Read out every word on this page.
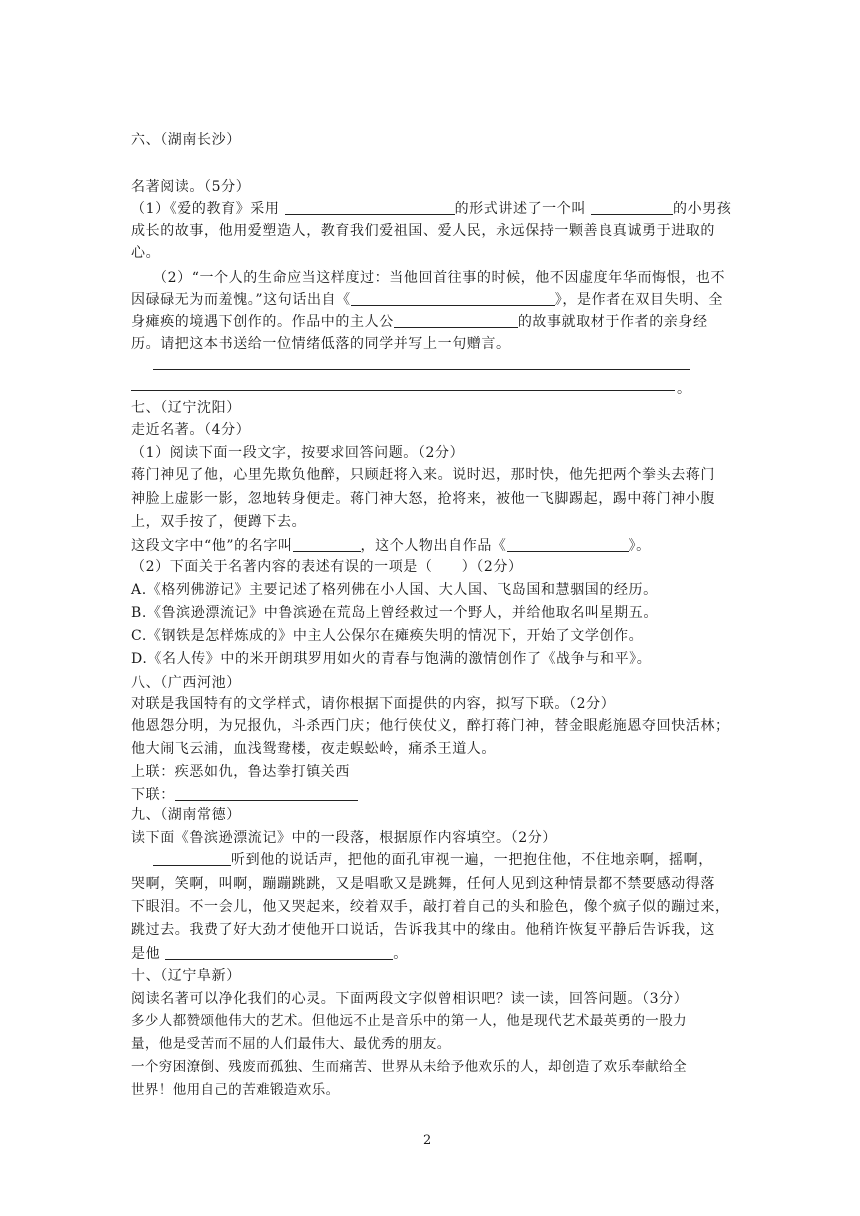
六、（湖南长沙）
名著阅读。（5分）
（1）《爱的教育》采用	的形式讲述了一个叫	的小男孩
成长的故事，他用爱塑造人，教育我们爱祖国、爱人民，永远保持一颗善良真诚勇于进取的
心。
（2）“一个人的生命应当这样度过：当他回首往事的时候，他不因虚度年华而悔恨，也不
因碌碌无为而羞愧。”这句话出自《	》，是作者在双目失明、全
身瘫痪的境遇下创作的。作品中的主人公	的故事就取材于作者的亲身经
历。请把这本书送给一位情绪低落的同学并写上一句赠言。
。
七、（辽宁沈阳）
走近名著。（4分）
（1）阅读下面一段文字，按要求回答问题。（2分）
蒋门神见了他，心里先欺负他醉，只顾赶将入来。说时迟，那时快，他先把两个拳头去蒋门
神脸上虚影一影，忽地转身便走。蒋门神大怒，抢将来，被他一飞脚踢起，踢中蒋门神小腹
上，双手按了，便蹲下去。
这段文字中“他”的名字叫	，这个人物出自作品《	》。
（2）下面关于名著内容的表述有误的一项是（　　）（2分）
A.《格列佛游记》主要记述了格列佛在小人国、大人国、飞岛国和慧骃国的经历。
B.《鲁滨逊漂流记》中鲁滨逊在荒岛上曾经救过一个野人，并给他取名叫星期五。
C.《钢铁是怎样炼成的》中主人公保尔在瘫痪失明的情况下，开始了文学创作。
D.《名人传》中的米开朗琪罗用如火的青春与饱满的激情创作了《战争与和平》。
八、（广西河池）
对联是我国特有的文学样式，请你根据下面提供的内容，拟写下联。（2分）
他恩怨分明，为兄报仇，斗杀西门庆；他行侠仗义，醉打蒋门神，替金眼彪施恩夺回快活林；
他大闹飞云浦，血浅鸳鸯楼，夜走蜈蚣岭，痛杀王道人。
上联：疾恶如仇，鲁达拳打镇关西
下联：
九、（湖南常德）
读下面《鲁滨逊漂流记》中的一段落，根据原作内容填空。（2分）
听到他的说话声，把他的面孔审视一遍，一把抱住他，不住地亲啊，摇啊，
哭啊，笑啊，叫啊，蹦蹦跳跳，又是唱歌又是跳舞，任何人见到这种情景都不禁要感动得落
下眼泪。不一会儿，他又哭起来，绞着双手，敲打着自己的头和脸色，像个疯子似的蹦过来，
跳过去。我费了好大劲才使他开口说话，告诉我其中的缘由。他稍许恢复平静后告诉我，这
是他	。
十、（辽宁阜新）
阅读名著可以净化我们的心灵。下面两段文字似曾相识吧？读一读，回答问题。（3分）
多少人都赞颂他伟大的艺术。但他远不止是音乐中的第一人，他是现代艺术最英勇的一股力
量，他是受苦而不屈的人们最伟大、最优秀的朋友。
一个穷困潦倒、残废而孤独、生而痛苦、世界从未给予他欢乐的人，却创造了欢乐奉献给全
世界！他用自己的苦难锻造欢乐。
2
